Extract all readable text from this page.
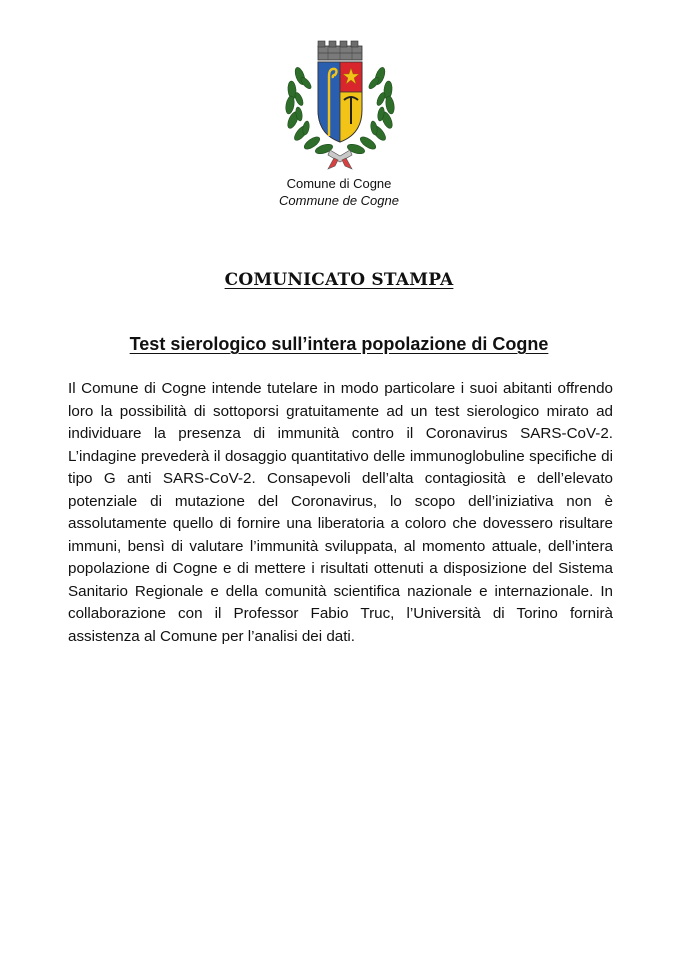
Comune di Cogne
Commune de Cogne
COMUNICATO STAMPA
Test sierologico sull’intera popolazione di Cogne
Il Comune di Cogne intende tutelare in modo particolare i suoi abitanti offrendo loro la possibilità di sottoporsi gratuitamente ad un test sierologico mirato ad individuare la presenza di immunità contro il Coronavirus SARS-CoV-2. L’indagine prevederà il dosaggio quantitativo delle immunoglobuline specifiche di tipo G anti SARS-CoV-2. Consapevoli dell’alta contagiosità e dell’elevato potenziale di mutazione del Coronavirus, lo scopo dell’iniziativa non è assolutamente quello di fornire una liberatoria a coloro che dovessero risultare immuni, bensì di valutare l’immunità sviluppata, al momento attuale, dell’intera popolazione di Cogne e di mettere i risultati ottenuti a disposizione del Sistema Sanitario Regionale e della comunità scientifica nazionale e internazionale. In collaborazione con il Professor Fabio Truc, l’Università di Torino fornirà assistenza al Comune per l’analisi dei dati.
